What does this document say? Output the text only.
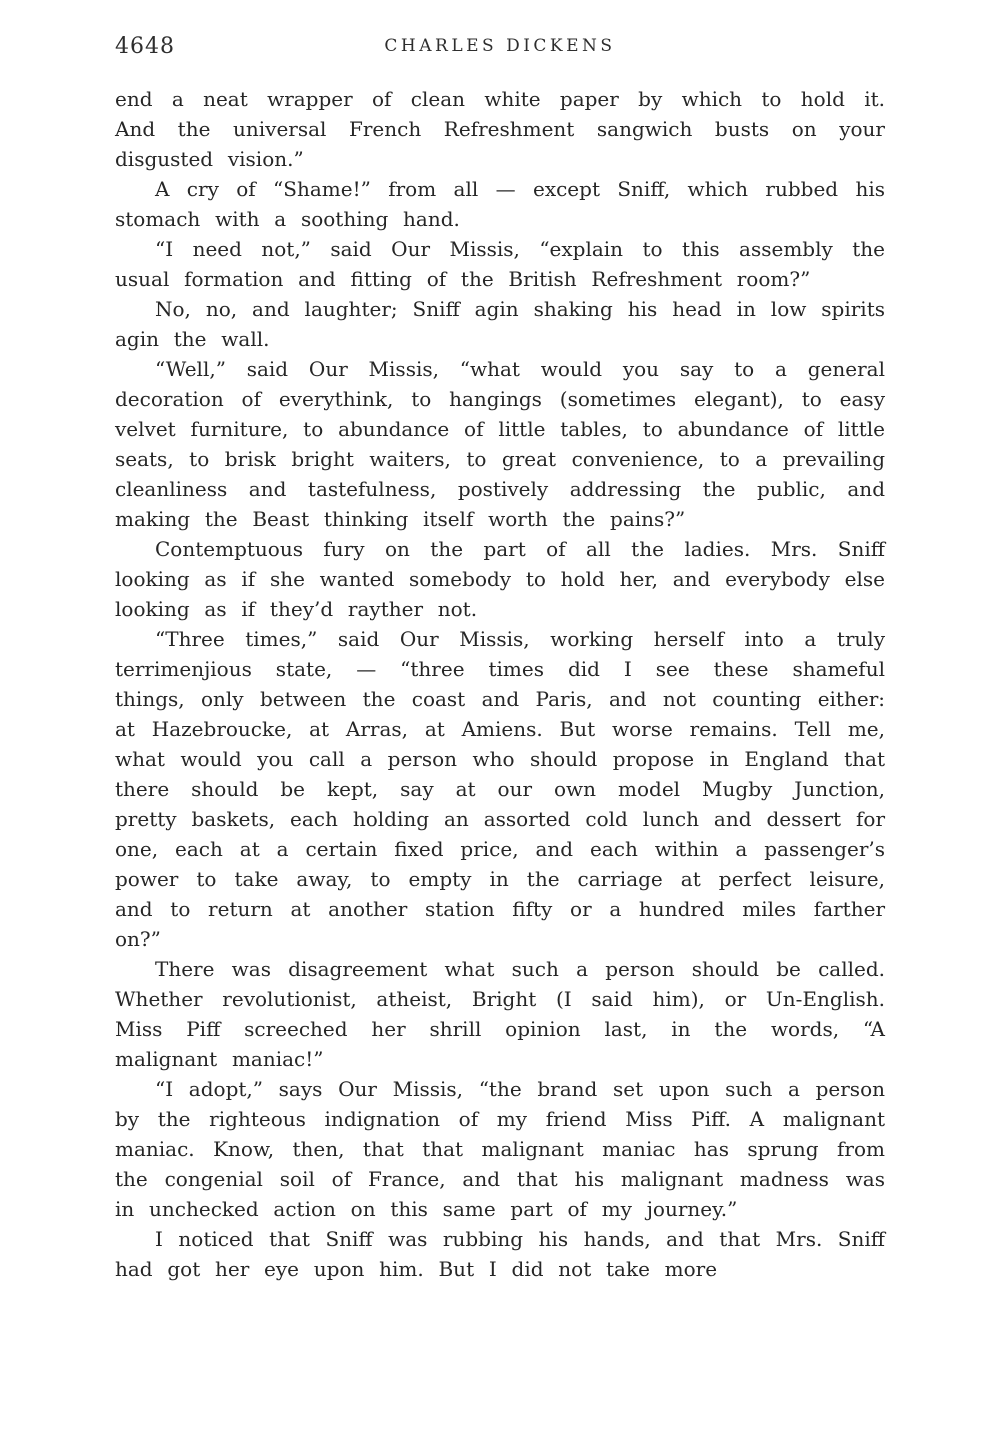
4648	CHARLES DICKENS

end a neat wrapper of clean white paper by which to hold it. And the universal French Refreshment sangwich busts on your disgusted vision.”

A cry of “Shame!” from all — except Sniff, which rubbed his stomach with a soothing hand.

“I need not,” said Our Missis, “explain to this assembly the usual formation and fitting of the British Refreshment room?”

No, no, and laughter; Sniff agin shaking his head in low spirits agin the wall.

“Well,” said Our Missis, “what would you say to a general decoration of everythink, to hangings (sometimes elegant), to easy velvet furniture, to abundance of little tables, to abundance of little seats, to brisk bright waiters, to great convenience, to a prevailing cleanliness and tastefulness, postively addressing the public, and making the Beast thinking itself worth the pains?”

Contemptuous fury on the part of all the ladies. Mrs. Sniff looking as if she wanted somebody to hold her, and everybody else looking as if they’d rayther not.

“Three times,” said Our Missis, working herself into a truly terrimenjious state, — “three times did I see these shameful things, only between the coast and Paris, and not counting either: at Hazebroucke, at Arras, at Amiens. But worse remains. Tell me, what would you call a person who should propose in England that there should be kept, say at our own model Mugby Junction, pretty baskets, each holding an assorted cold lunch and dessert for one, each at a certain fixed price, and each within a passenger’s power to take away, to empty in the carriage at perfect leisure, and to return at another station fifty or a hundred miles farther on?”

There was disagreement what such a person should be called. Whether revolutionist, atheist, Bright (I said him), or Un-English. Miss Piff screeched her shrill opinion last, in the words, “A malignant maniac!”

“I adopt,” says Our Missis, “the brand set upon such a person by the righteous indignation of my friend Miss Piff. A malignant maniac. Know, then, that that malignant maniac has sprung from the congenial soil of France, and that his malignant madness was in unchecked action on this same part of my journey.”

I noticed that Sniff was rubbing his hands, and that Mrs. Sniff had got her eye upon him. But I did not take more
